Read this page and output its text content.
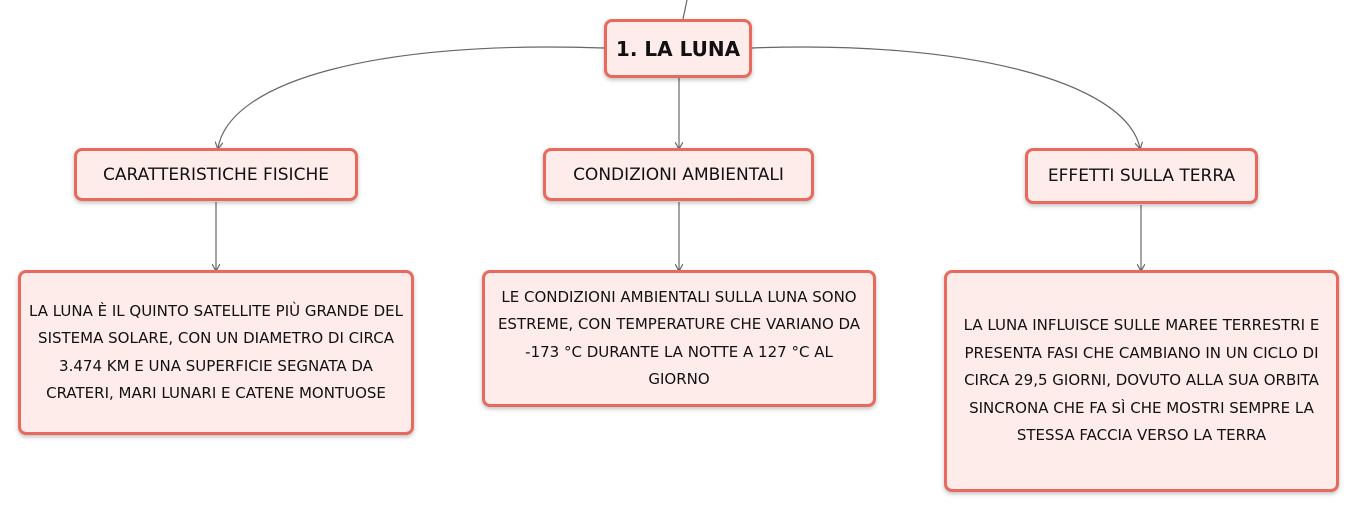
1. LA LUNA
CARATTERISTICHE FISICHE	CONDIZIONI AMBIENTALI	EFFETTI SULLA TERRA
LA LUNA È IL QUINTO SATELLITE PIÙ GRANDE DEL SISTEMA SOLARE, CON UN DIAMETRO DI CIRCA 3.474 KM E UNA SUPERFICIE SEGNATA DA CRATERI, MARI LUNARI E CATENE MONTUOSE
LE CONDIZIONI AMBIENTALI SULLA LUNA SONO ESTREME, CON TEMPERATURE CHE VARIANO DA -173 °C DURANTE LA NOTTE A 127 °C AL GIORNO
LA LUNA INFLUISCE SULLE MAREE TERRESTRI E PRESENTA FASI CHE CAMBIANO IN UN CICLO DI CIRCA 29,5 GIORNI, DOVUTO ALLA SUA ORBITA SINCRONA CHE FA SÌ CHE MOSTRI SEMPRE LA STESSA FACCIA VERSO LA TERRA
